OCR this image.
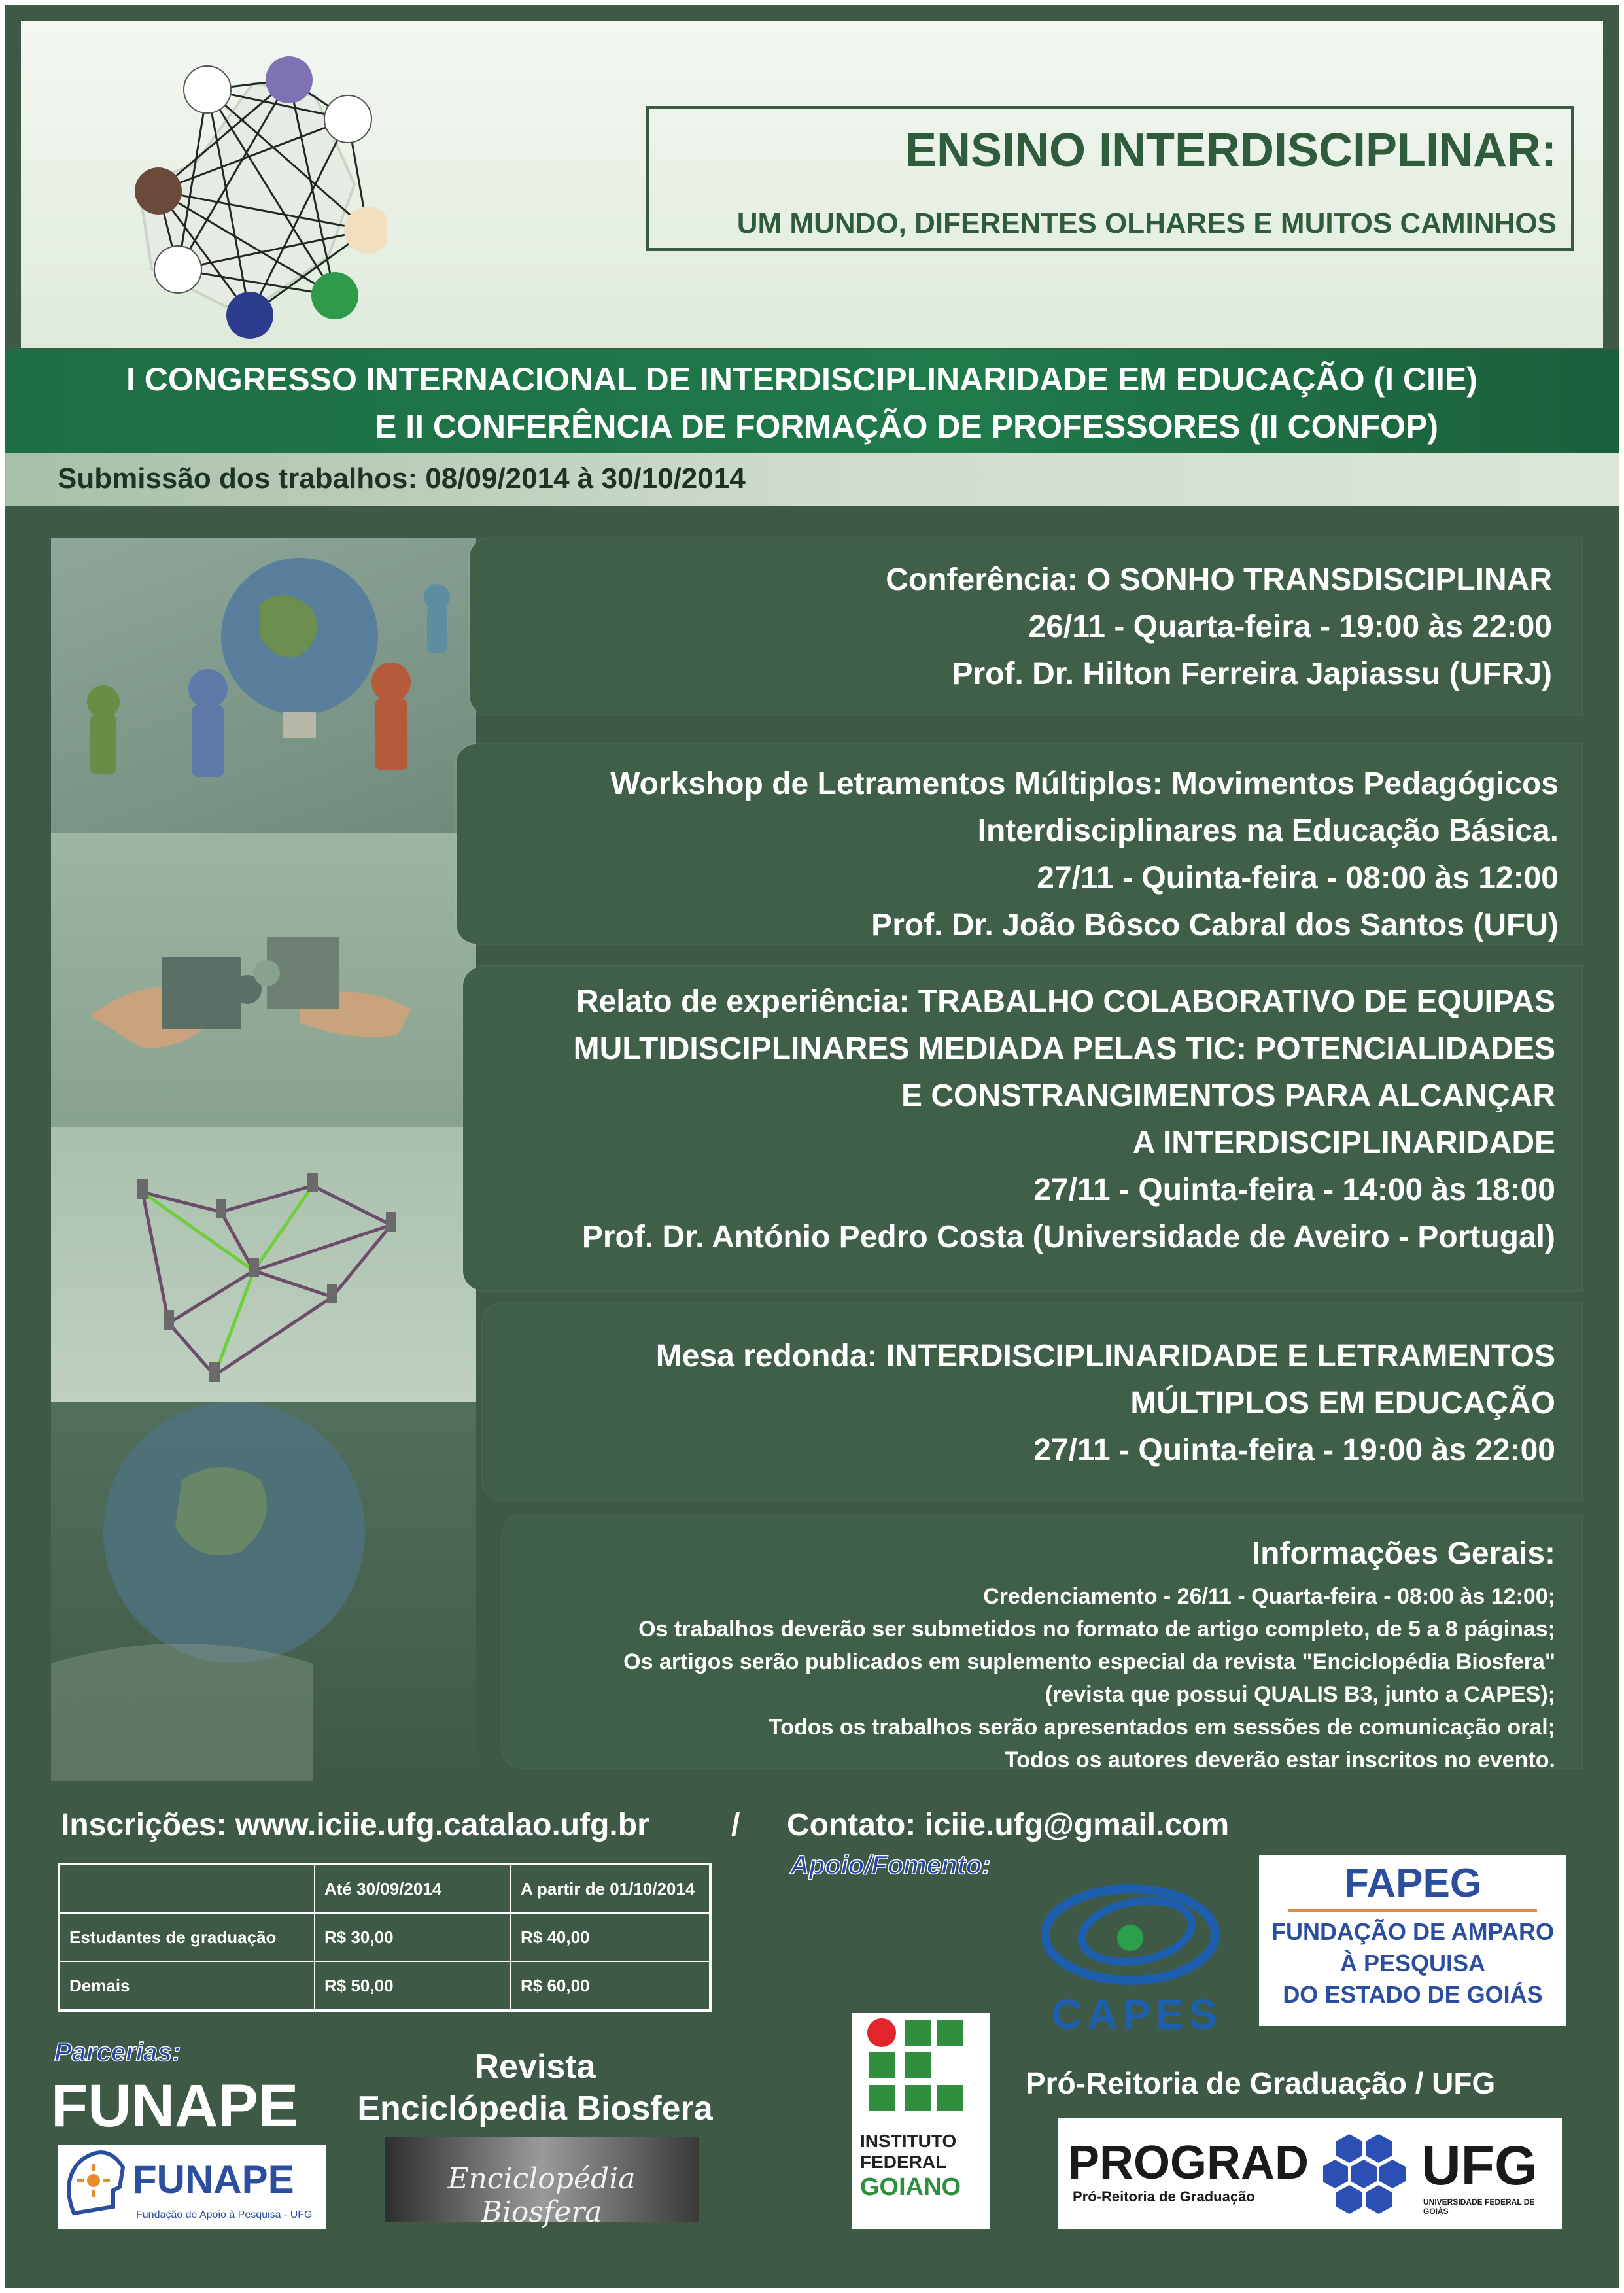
ENSINO INTERDISCIPLINAR:
UM MUNDO, DIFERENTES OLHARES E MUITOS CAMINHOS

I CONGRESSO INTERNACIONAL DE INTERDISCIPLINARIDADE EM EDUCAÇÃO (I CIIE)

E II CONFERÊNCIA DE FORMAÇÃO DE PROFESSORES (II CONFOP)

Submissão dos trabalhos: 08/09/2014 à 30/10/2014

Conferência: O SONHO TRANSDISCIPLINAR

26/11 - Quarta-feira - 19:00 às 22:00

Prof. Dr. Hilton Ferreira Japiassu (UFRJ)

Workshop de Letramentos Múltiplos: Movimentos Pedagógicos

Interdisciplinares na Educação Básica.

27/11 - Quinta-feira - 08:00 às 12:00

Prof. Dr. João Bôsco Cabral dos Santos (UFU)

Relato de experiência: TRABALHO COLABORATIVO DE EQUIPAS

MULTIDISCIPLINARES MEDIADA PELAS TIC: POTENCIALIDADES

E CONSTRANGIMENTOS PARA ALCANÇAR

A INTERDISCIPLINARIDADE

27/11 - Quinta-feira - 14:00 às 18:00

Prof. Dr. António Pedro Costa (Universidade de Aveiro - Portugal)

Mesa redonda: INTERDISCIPLINARIDADE E LETRAMENTOS

MÚLTIPLOS EM EDUCAÇÃO

27/11 - Quinta-feira - 19:00 às 22:00

Informações Gerais:

Credenciamento - 26/11 - Quarta-feira - 08:00 às 12:00;

Os trabalhos deverão ser submetidos no formato de artigo completo, de 5 a 8 páginas;

Os artigos serão publicados em suplemento especial da revista "Enciclopédia Biosfera"

(revista que possui QUALIS B3, junto a CAPES);

Todos os trabalhos serão apresentados em sessões de comunicação oral;

Todos os autores deverão estar inscritos no evento.

Inscrições: www.iciie.ufg.catalao.ufg.br	/ Contato: iciie.ufg@gmail.com
	Até 30/09/2014	A partir de 01/10/2014
Estudantes de graduação	R$ 30,00	R$ 40,00
Demais	R$ 50,00	R$ 60,00
Apoio/Fomento:
CAPES
FAPEG
FUNDAÇÃO DE AMPARO
À PESQUISA
DO ESTADO DE GOIÁS
Parcerias:
FUNAPE
FUNAPE
Fundação de Apoio à Pesquisa - UFG
Revista
Enciclópedia Biosfera
Enciclopédia Biosfera
INSTITUTO
FEDERAL
GOIANO
Pró-Reitoria de Graduação / UFG
PROGRAD
Pró-Reitoria de Graduação
UFG
UNIVERSIDADE FEDERAL DE GOIÁS
